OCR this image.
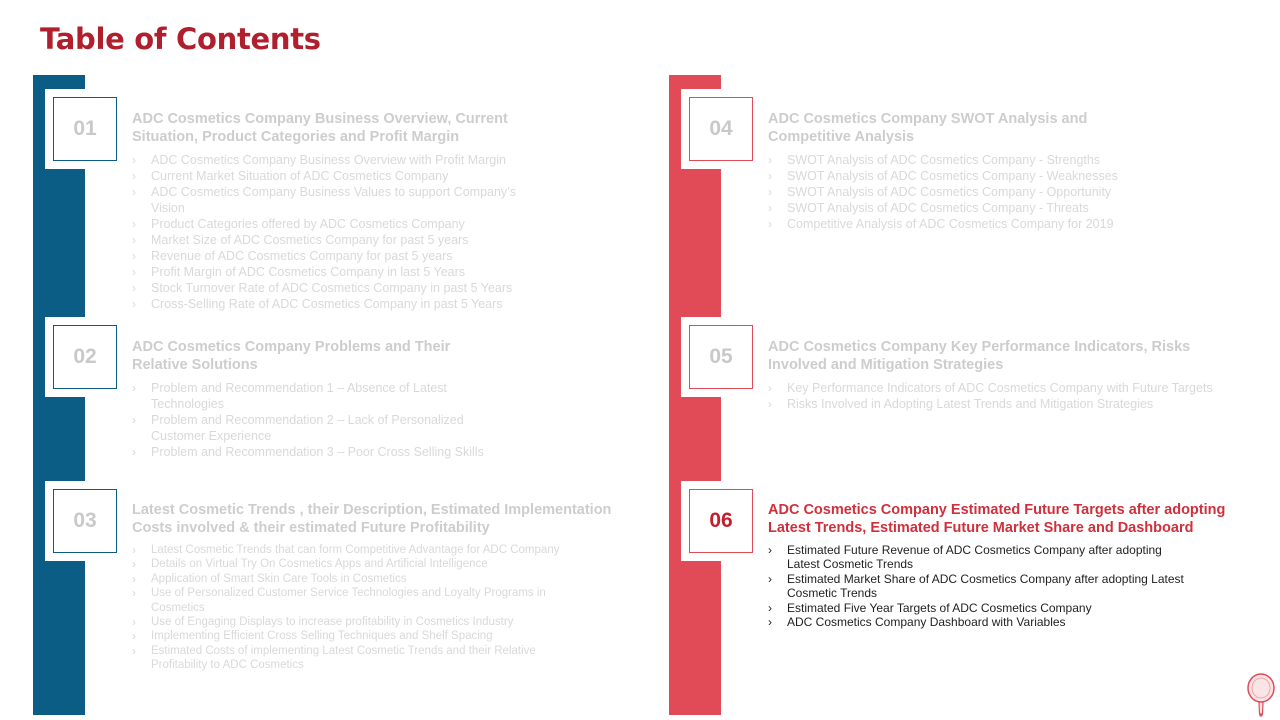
Table of Contents
01
02
03
04
05
06
ADC Cosmetics Company Business Overview, Current Situation, Product Categories and Profit Margin
› ADC Cosmetics Company Business Overview with Profit Margin
› Current Market Situation of ADC Cosmetics Company
› ADC Cosmetics Company Business Values to support Company’s Vision
› Product Categories offered by ADC Cosmetics Company
› Market Size of ADC Cosmetics Company for past 5 years
› Revenue of ADC Cosmetics Company for past 5 years
› Profit Margin of ADC Cosmetics Company in last 5 Years
› Stock Turnover Rate of ADC Cosmetics Company in past 5 Years
› Cross-Selling Rate of ADC Cosmetics Company in past 5 Years
ADC Cosmetics Company Problems and Their Relative Solutions
› Problem and Recommendation 1 – Absence of Latest Technologies
› Problem and Recommendation 2 – Lack of Personalized Customer Experience
› Problem and Recommendation 3 – Poor Cross Selling Skills
Latest Cosmetic Trends , their Description, Estimated Implementation Costs involved & their estimated Future Profitability
› Latest Cosmetic Trends that can form Competitive Advantage for ADC Company
› Details on Virtual Try On Cosmetics Apps and Artificial Intelligence
› Application of Smart Skin Care Tools in Cosmetics
› Use of Personalized Customer Service Technologies and Loyalty Programs in Cosmetics
› Use of Engaging Displays to increase profitability in Cosmetics Industry
› Implementing Efficient Cross Selling Techniques and Shelf Spacing
› Estimated Costs of implementing Latest Cosmetic Trends and their Relative Profitability to ADC Cosmetics
ADC Cosmetics Company SWOT Analysis and Competitive Analysis
› SWOT Analysis of ADC Cosmetics Company - Strengths
› SWOT Analysis of ADC Cosmetics Company - Weaknesses
› SWOT Analysis of ADC Cosmetics Company - Opportunity
› SWOT Analysis of ADC Cosmetics Company - Threats
› Competitive Analysis of ADC Cosmetics Company for 2019
ADC Cosmetics Company Key Performance Indicators, Risks Involved and Mitigation Strategies
› Key Performance Indicators of ADC Cosmetics Company with Future Targets
› Risks Involved in Adopting Latest Trends and Mitigation Strategies
ADC Cosmetics Company Estimated Future Targets after adopting Latest Trends, Estimated Future Market Share and Dashboard
› Estimated Future Revenue of ADC Cosmetics Company after adopting Latest Cosmetic Trends
› Estimated Market Share of ADC Cosmetics Company after adopting Latest Cosmetic Trends
› Estimated Five Year Targets of ADC Cosmetics Company
› ADC Cosmetics Company Dashboard with Variables
